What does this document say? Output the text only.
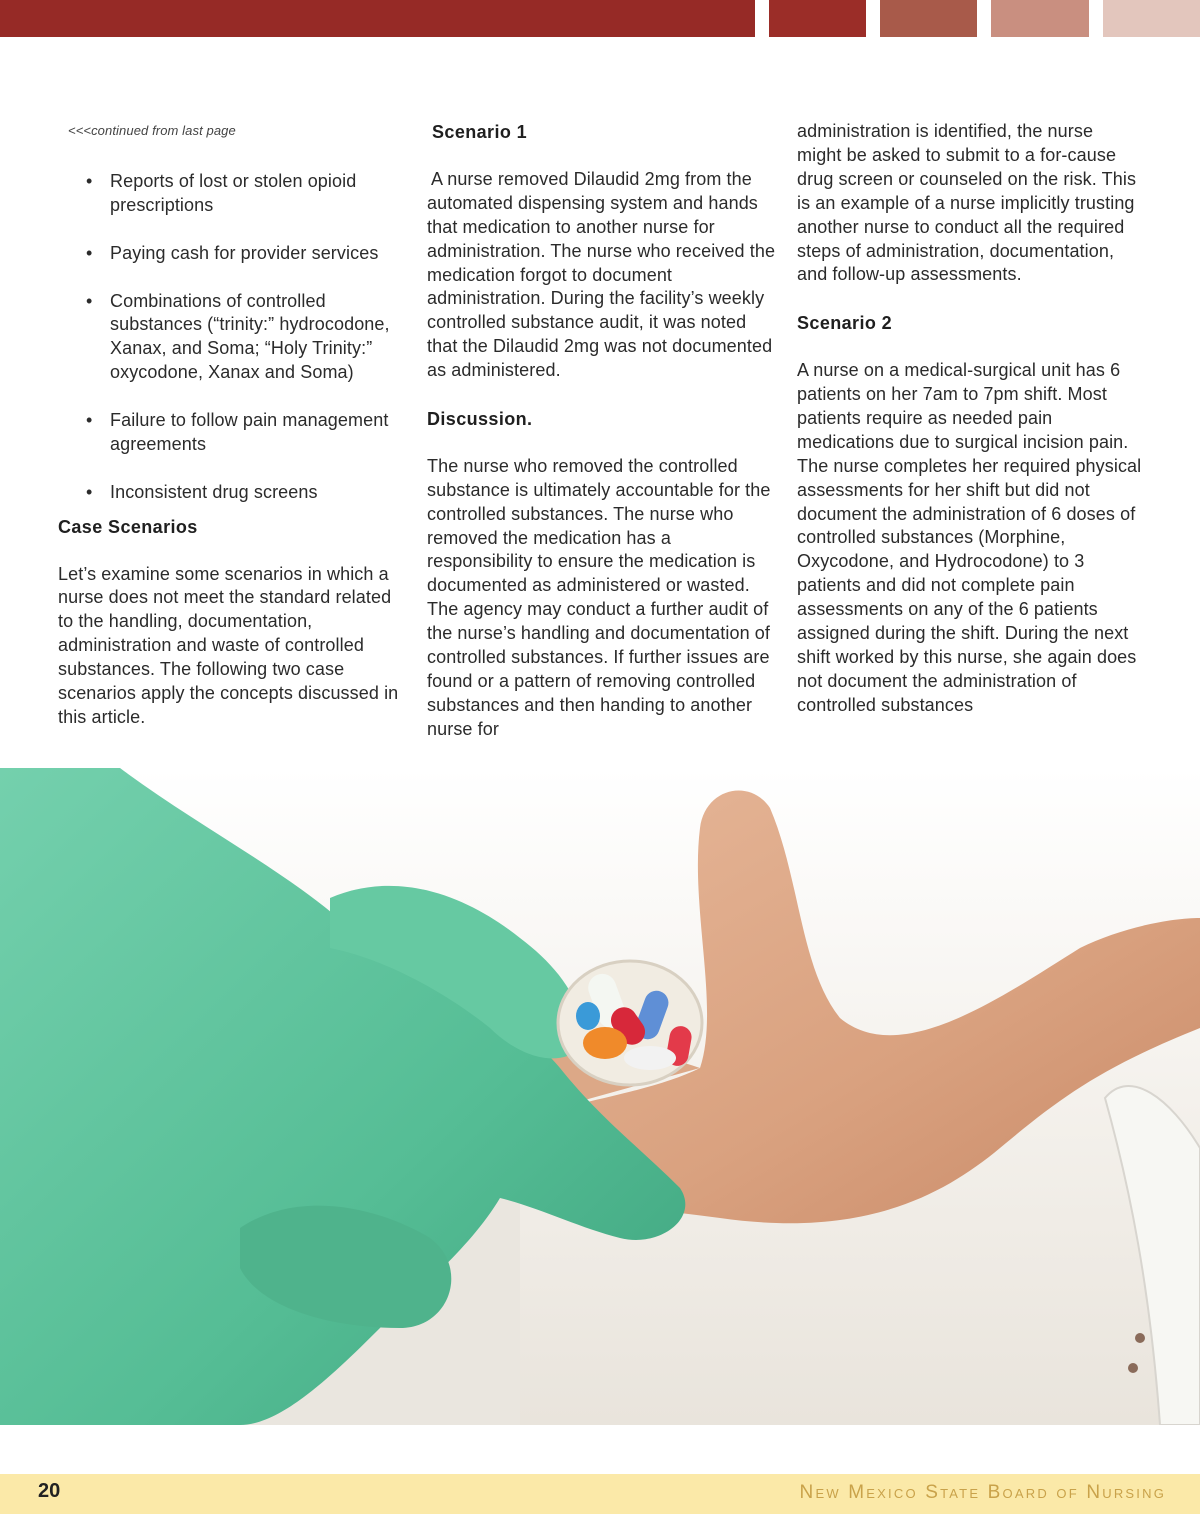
<<<continued from last page
• Reports of lost or stolen opioid prescriptions
• Paying cash for provider services
• Combinations of controlled substances (“trinity:” hydrocodone, Xanax, and Soma; “Holy Trinity:” oxycodone, Xanax and Soma)
• Failure to follow pain management agreements
• Inconsistent drug screens
Case Scenarios

Let’s examine some scenarios in which a nurse does not meet the standard related to the handling, documentation, administration and waste of controlled substances. The following two case scenarios apply the concepts discussed in this article.

Scenario 1

A nurse removed Dilaudid 2mg from the automated dispensing system and hands that medication to another nurse for administration. The nurse who received the medication forgot to document administration. During the facility’s weekly controlled substance audit, it was noted that the Dilaudid 2mg was not documented as administered.

Discussion.

The nurse who removed the controlled substance is ultimately accountable for the controlled substances. The nurse who removed the medication has a responsibility to ensure the medication is documented as administered or wasted. The agency may conduct a further audit of the nurse’s handling and documentation of controlled substances. If further issues are found or a pattern of removing controlled substances and then handing to another nurse for

administration is identified, the nurse might be asked to submit to a for-cause drug screen or counseled on the risk. This is an example of a nurse implicitly trusting another nurse to conduct all the required steps of administration, documentation, and follow-up assessments.

Scenario 2

A nurse on a medical-surgical unit has 6 patients on her 7am to 7pm shift. Most patients require as needed pain medications due to surgical incision pain. The nurse completes her required physical assessments for her shift but did not document the administration of 6 doses of controlled substances (Morphine, Oxycodone, and Hydrocodone) to 3 patients and did not complete pain assessments on any of the 6 patients assigned during the shift. During the next shift worked by this nurse, she again does not document the administration of controlled substances

20	New Mexico State Board of Nursing
